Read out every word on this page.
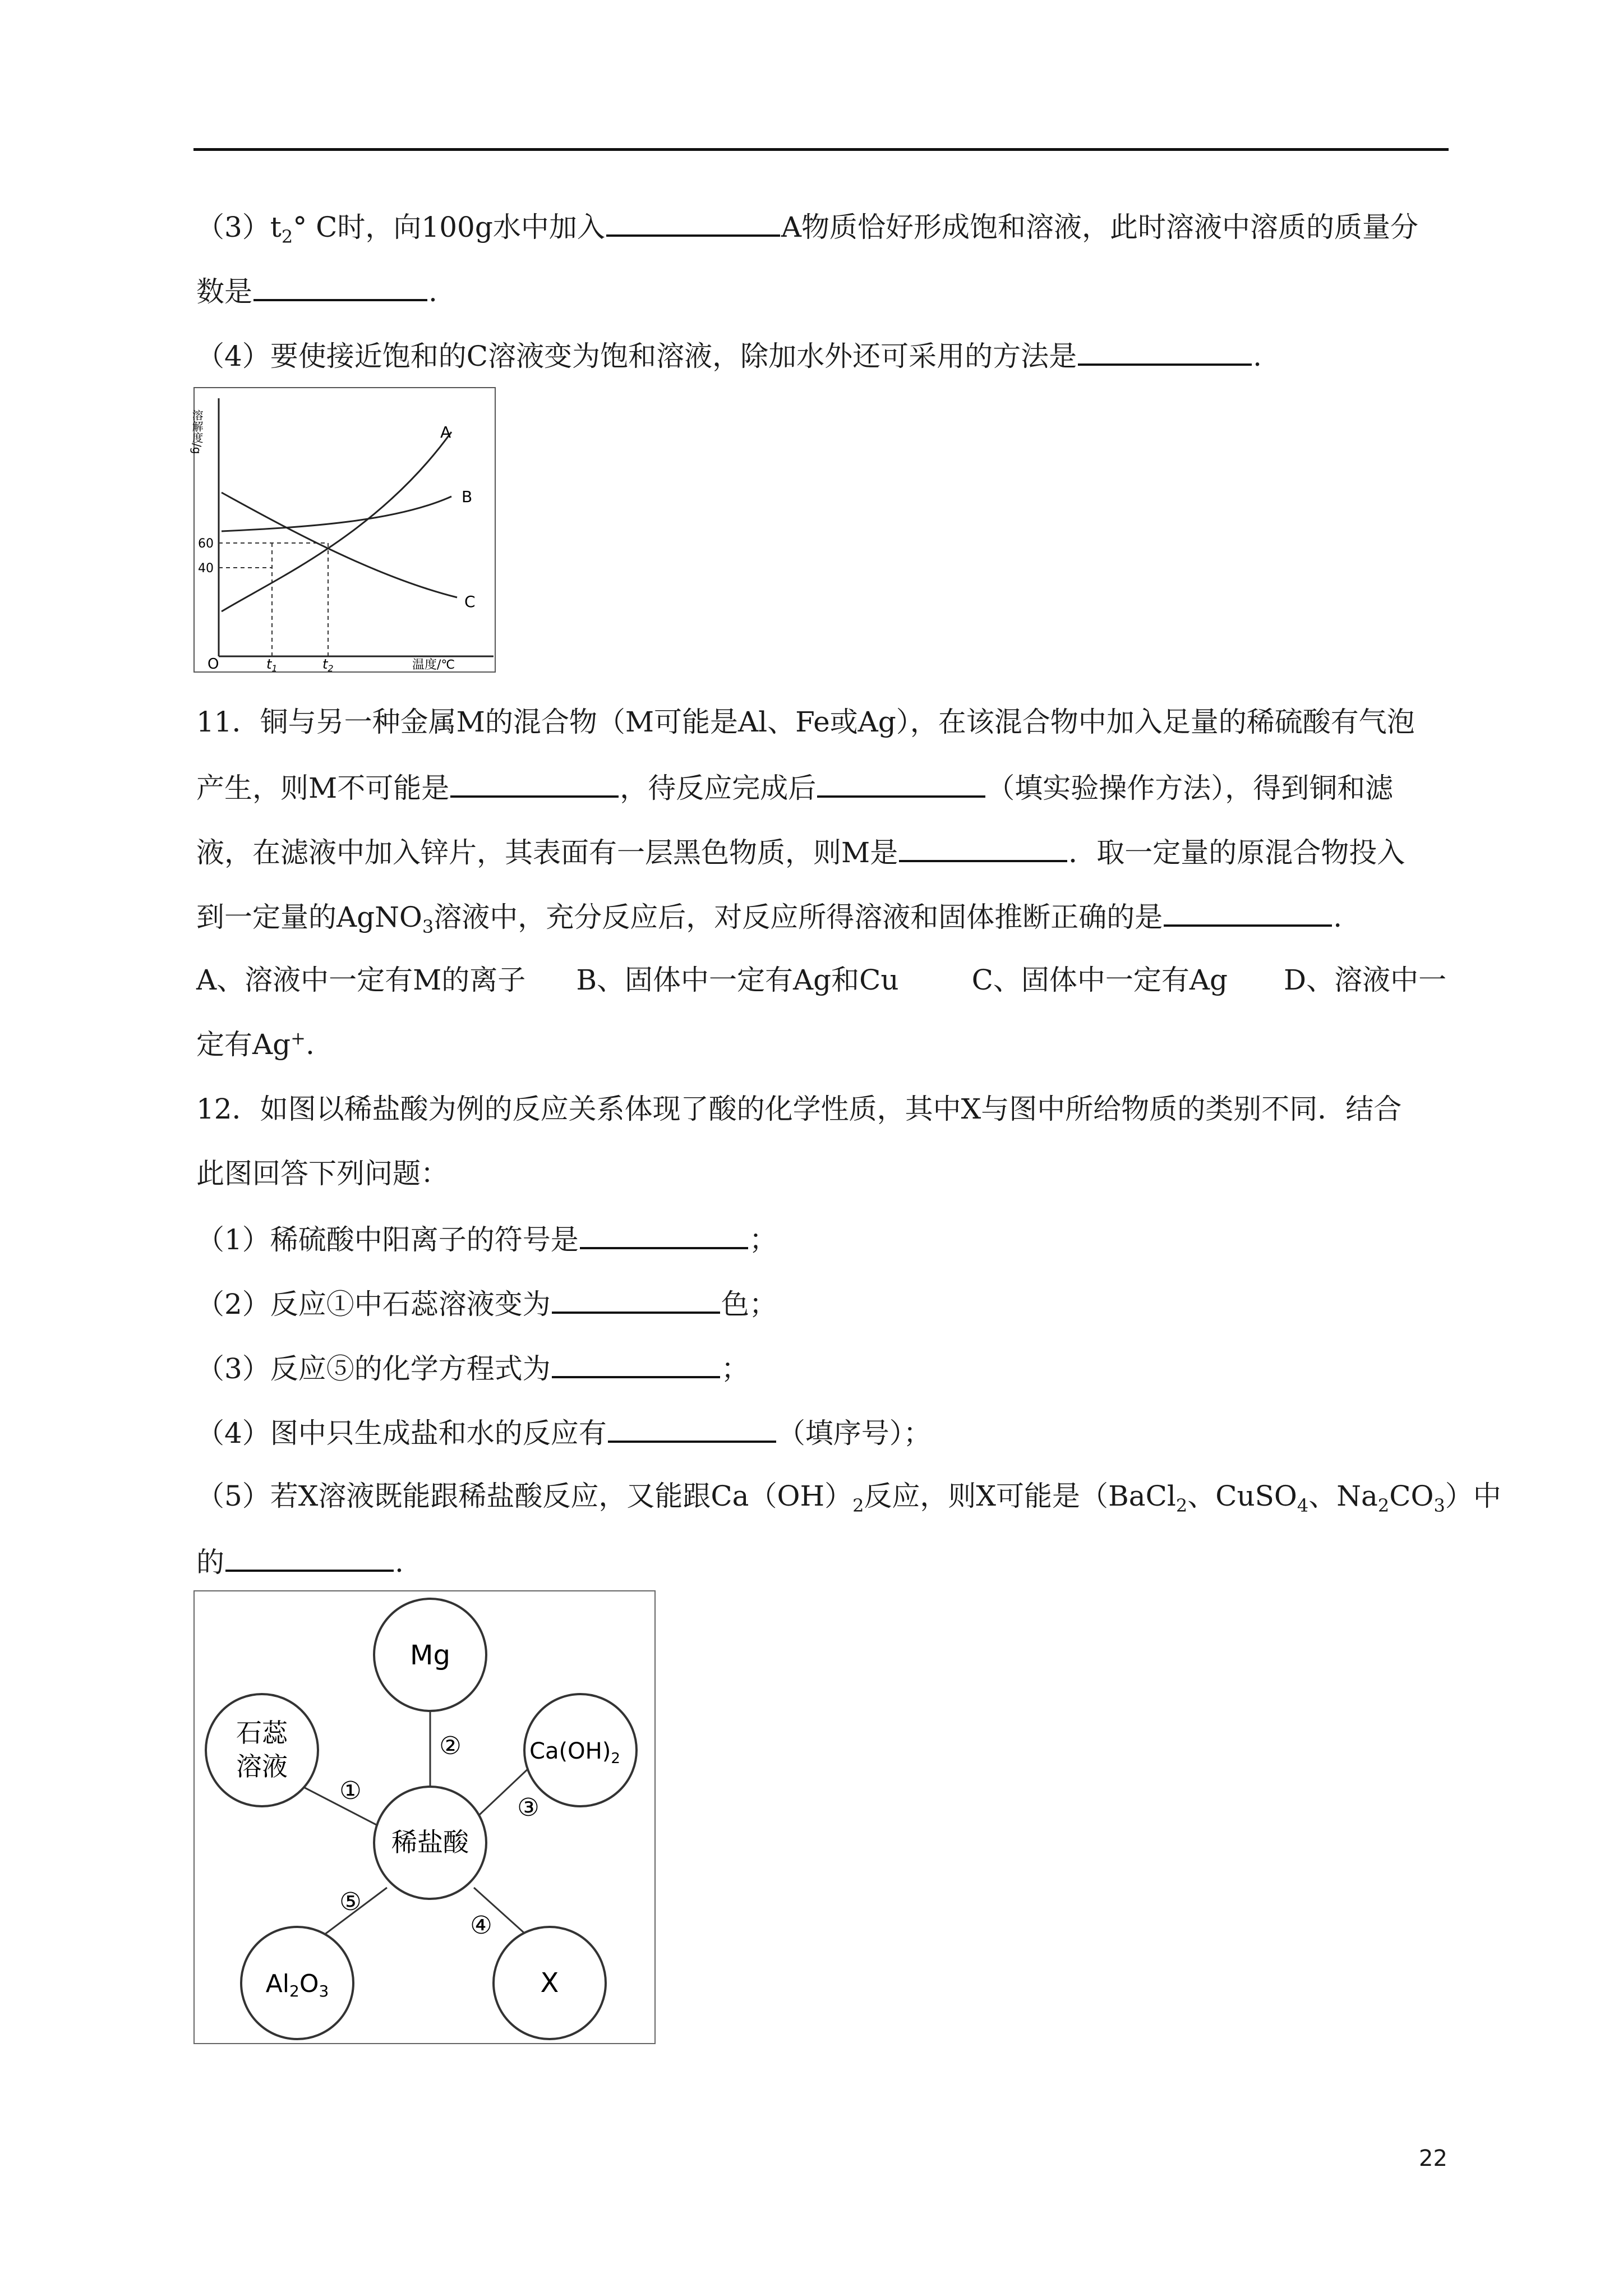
$(3)t_2^\circ$ C时，向100g水中加入	A物质恰好形成饱和溶液，此时溶液中溶质的质量分
数是	.
（4）要使接近饱和的C溶液变为饱和溶液，除加水外还可采用的方法是	.
A
B
C
60
40
O	$t_1$	$t_2$	温度/℃
溶解度/g
11．铜与另一种金属M的混合物（M可能是Al、Fe或Ag），在该混合物中加入足量的稀硫酸有气泡
产生，则M不可能是	，待反应完成后	（填实验操作方法），得到铜和滤
液，在滤液中加入锌片，其表面有一层黑色物质，则M是	．取一定量的原混合物投入
到一定量的AgNO$_3$溶液中，充分反应后，对反应所得溶液和固体推断正确的是	.
A、溶液中一定有M的离子 B、固体中一定有Ag和Cu	C、固体中一定有Ag D、溶液中一
定有Ag+.
12．如图以稀盐酸为例的反应关系体现了酸的化学性质，其中X与图中所给物质的类别不同．结合
此图回答下列问题：
（1）稀硫酸中阳离子的符号是	；
（2）反应①中石蕊溶液变为	色；
（3）反应⑤的化学方程式为	；
（4）图中只生成盐和水的反应有	（填序号）；
（5）若X溶液既能跟稀盐酸反应，又能跟$Ca(OH)_2$反应，则X可能是（BaCl$_2$、CuSO$_4$、$Na_2CO_3$）中
的	.
稀盐酸
Mg
石蕊
溶液	$Ca(OH)_2$
Al2O3	X
①
②
③
④
⑤
22
